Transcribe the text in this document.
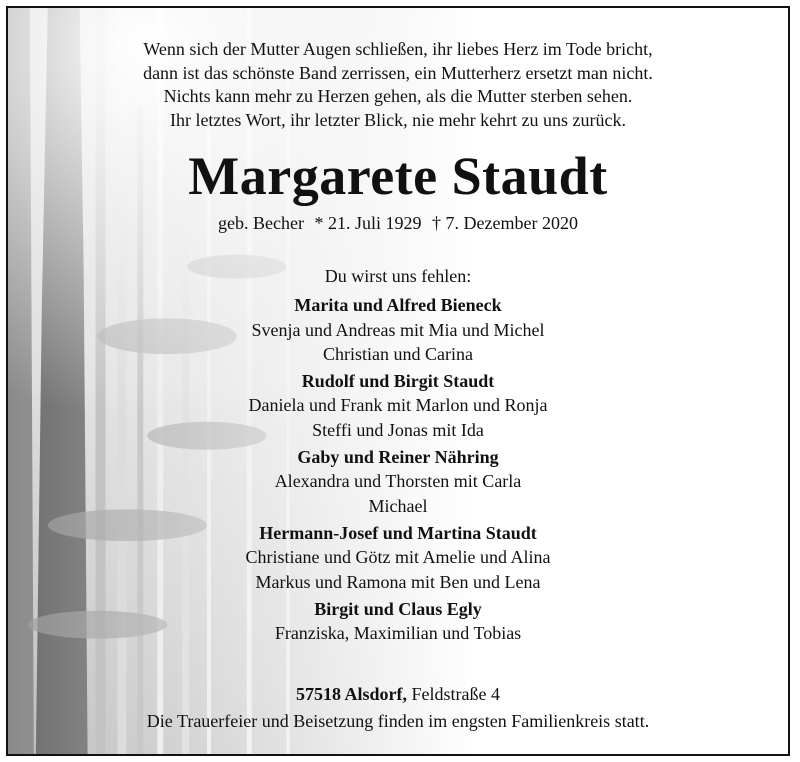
Wenn sich der Mutter Augen schließen, ihr liebes Herz im Tode bricht,
dann ist das schönste Band zerrissen, ein Mutterherz ersetzt man nicht.
Nichts kann mehr zu Herzen gehen, als die Mutter sterben sehen.
Ihr letztes Wort, ihr letzter Blick, nie mehr kehrt zu uns zurück.
Margarete Staudt
geb. Becher * 21. Juli 1929 † 7. Dezember 2020
Du wirst uns fehlen:
Marita und Alfred Bieneck
Svenja und Andreas mit Mia und Michel
Christian und Carina
Rudolf und Birgit Staudt
Daniela und Frank mit Marlon und Ronja
Steffi und Jonas mit Ida
Gaby und Reiner Nähring
Alexandra und Thorsten mit Carla
Michael
Hermann-Josef und Martina Staudt
Christiane und Götz mit Amelie und Alina
Markus und Ramona mit Ben und Lena
Birgit und Claus Egly
Franziska, Maximilian und Tobias
57518 Alsdorf, Feldstraße 4
Die Trauerfeier und Beisetzung finden im engsten Familienkreis statt.
